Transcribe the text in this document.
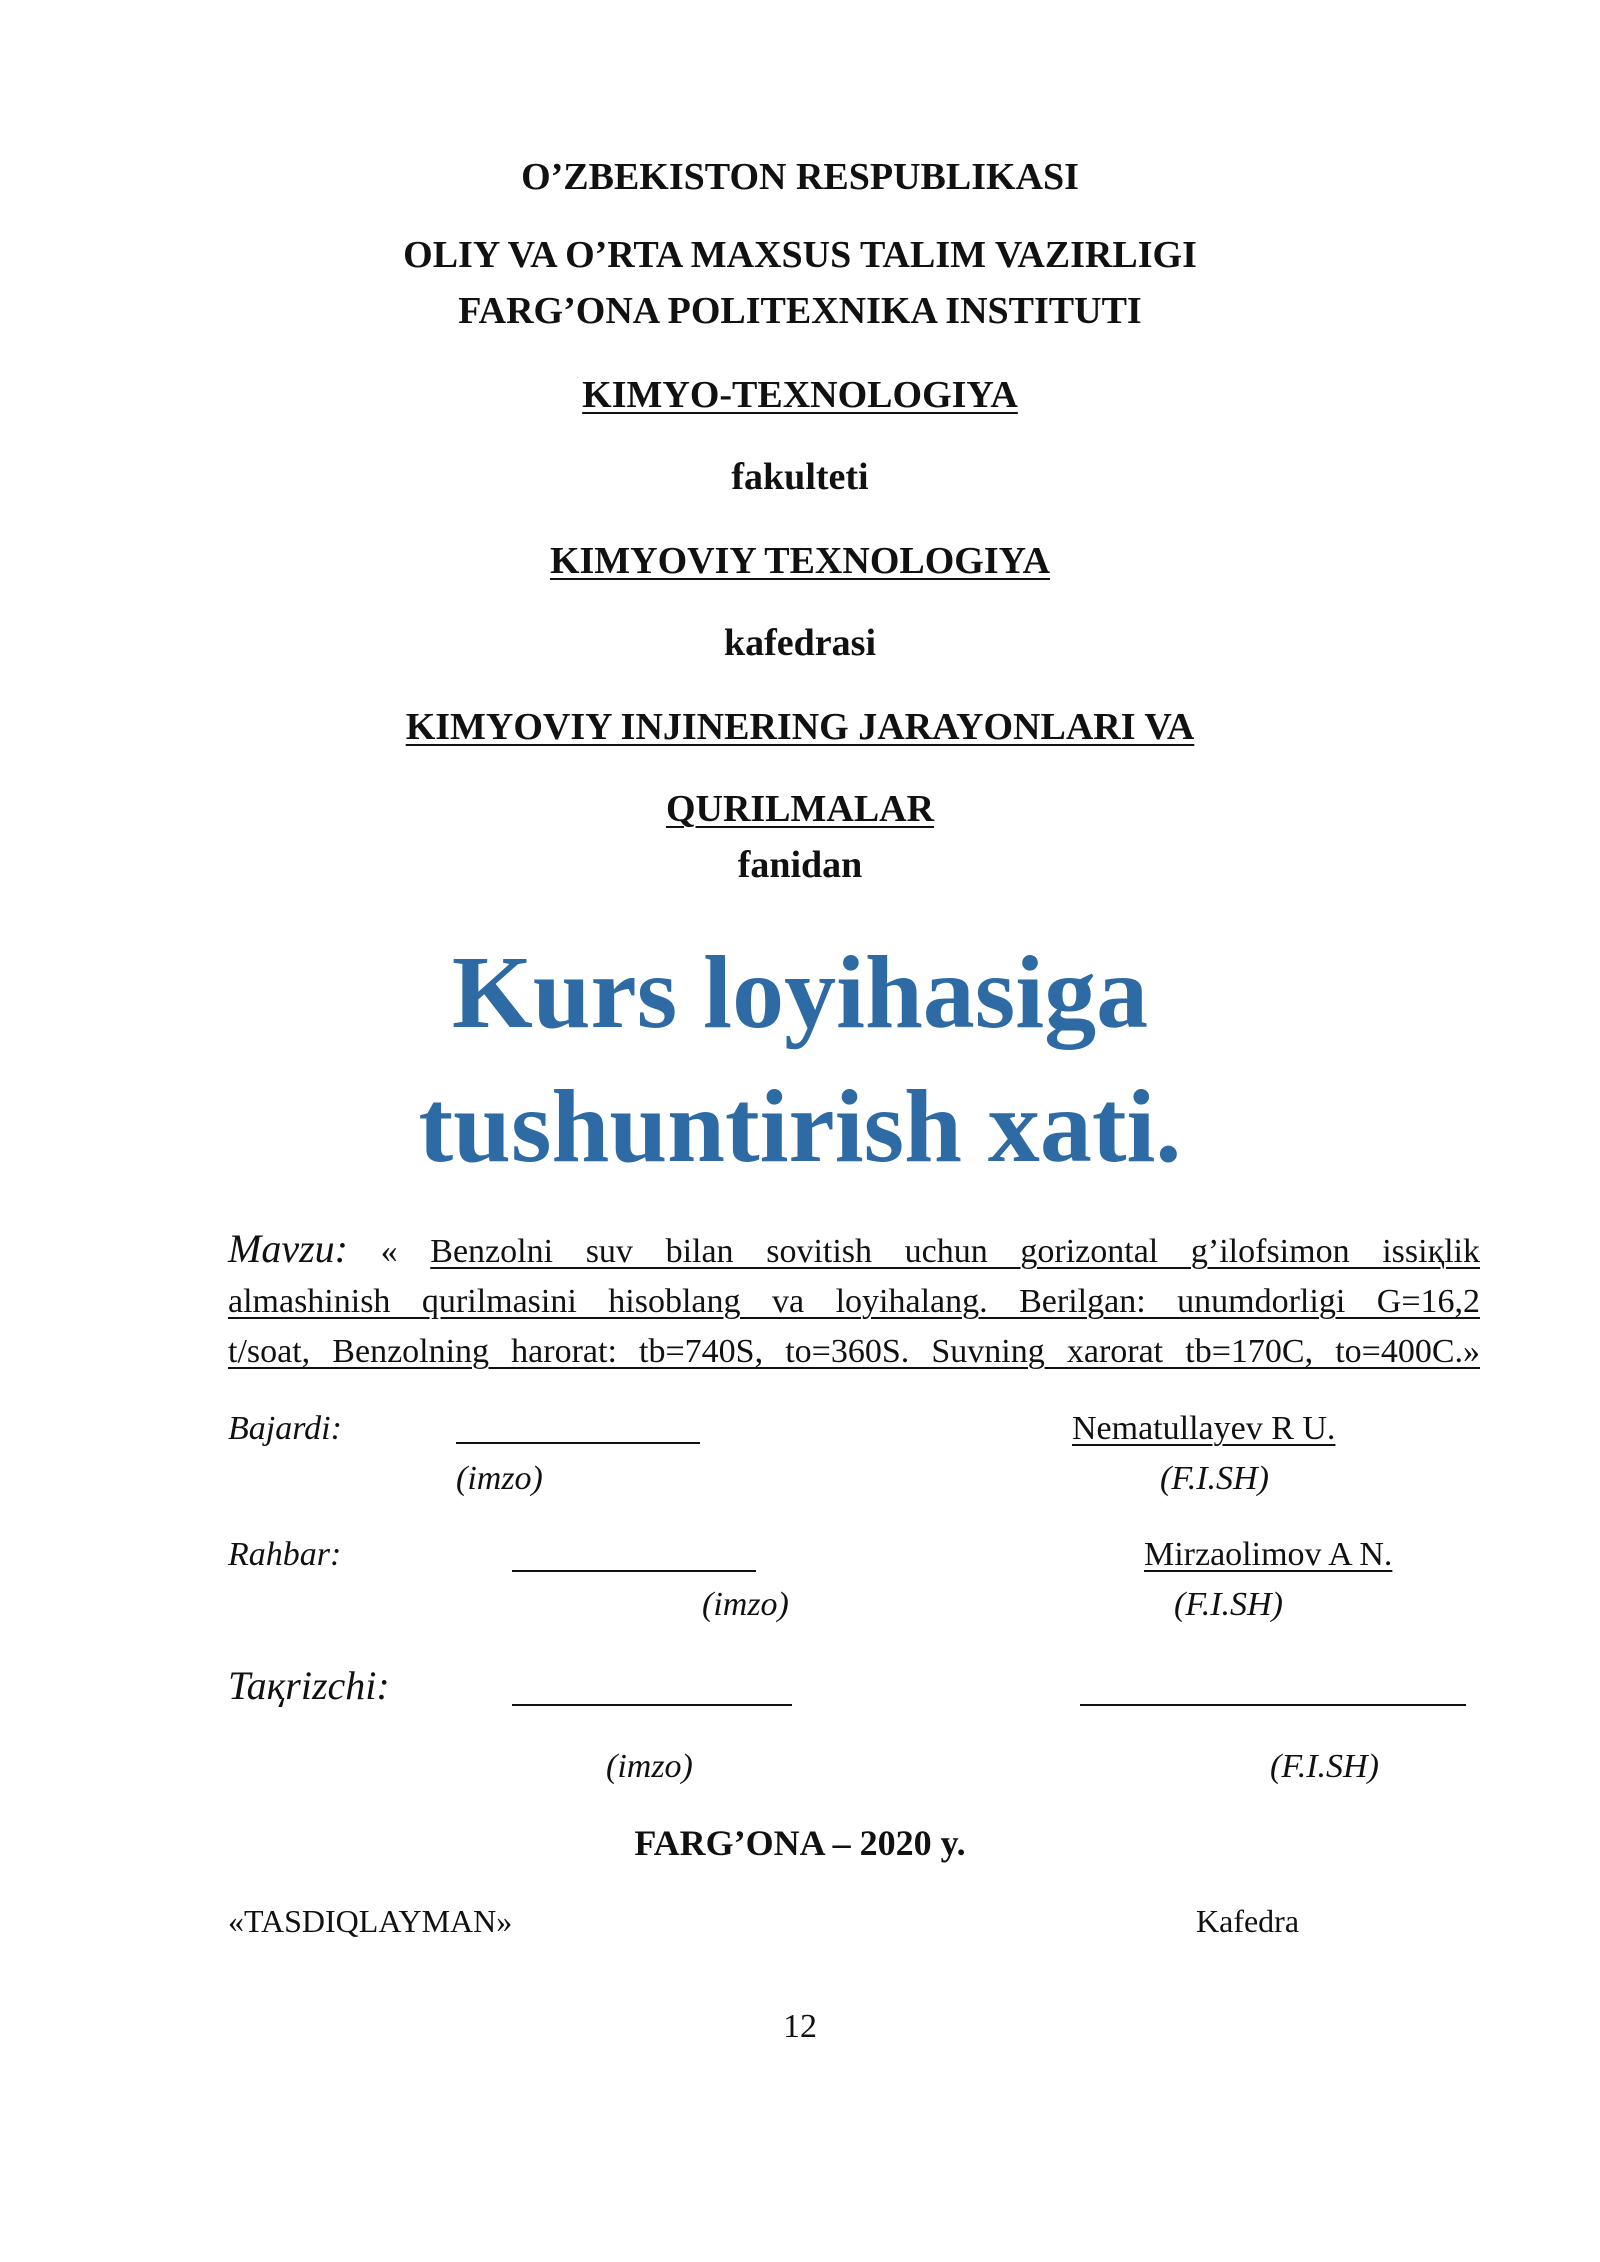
O’ZBEKISTON RESPUBLIKASI
OLIY VA O’RTA MAXSUS TALIM VAZIRLIGI
FARG’ONA POLITEXNIKA INSTITUTI
KIMYO-TEXNOLOGIYA
fakulteti
KIMYOVIY TEXNOLOGIYA
kafedrasi
KIMYOVIY INJINERING JARAYONLARI VA
QURILMALAR
fanidan
Kurs loyihasiga
tushuntirish xati.
Mavzu: « Benzolni suv bilan sovitish uchun gorizontal g’ilofsimon issiқlik
almashinish qurilmasini hisoblang va loyihalang. Berilgan: unumdorligi G=16,2
t/soat, Benzolning harorat: tb=740S, to=360S. Suvning xarorat tb=170C, to=400C.»
Bajardi:	Nematullayev R U.
(imzo)	(F.I.SH)
Rahbar:	Mirzaolimov A N.
(imzo)	(F.I.SH)
Taқrizchi:
(imzo)	(F.I.SH)
FARG’ONA – 2020 y.
«TASDIQLAYMAN»	Kafedra
12
